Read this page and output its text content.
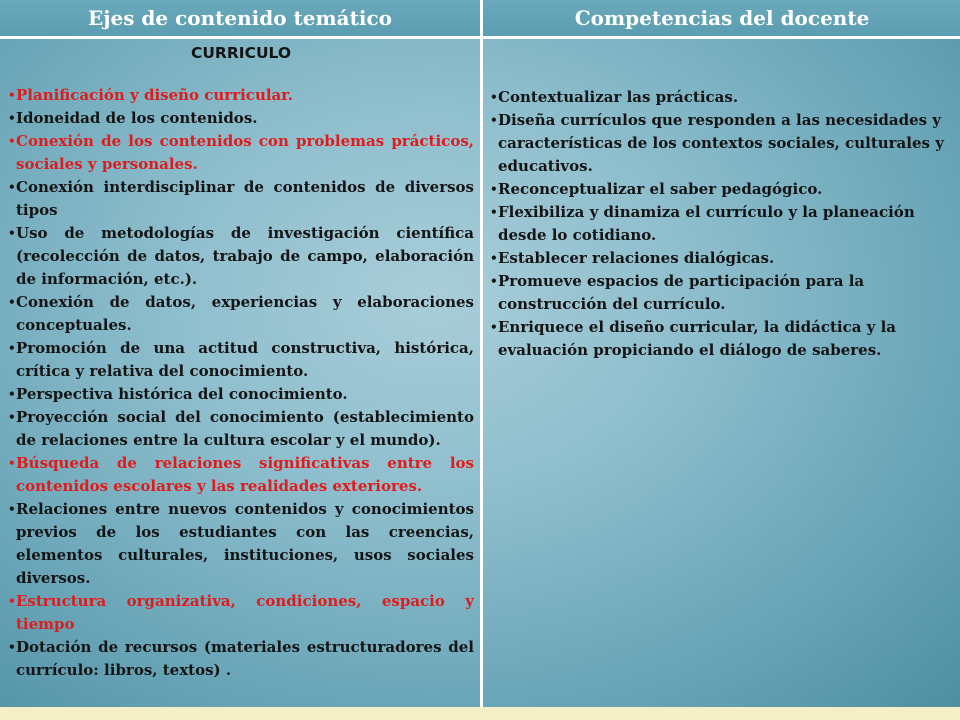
Ejes de contenido temático	Competencias del docente
CURRICULO
• Planificación y diseño curricular.
• Idoneidad de los contenidos.
• Conexión de los contenidos con problemas prácticos, sociales y personales.
• Conexión interdisciplinar de contenidos de diversos tipos
• Uso de metodologías de investigación científica (recolección de datos, trabajo de campo, elaboración de información, etc.).
• Conexión de datos, experiencias y elaboraciones conceptuales.
• Promoción de una actitud constructiva, histórica, crítica y relativa del conocimiento.
• Perspectiva histórica del conocimiento.
• Proyección social del conocimiento (establecimiento de relaciones entre la cultura escolar y el mundo).
• Búsqueda de relaciones significativas entre los contenidos escolares y las realidades exteriores.
• Relaciones entre nuevos contenidos y conocimientos previos de los estudiantes con las creencias, elementos culturales, instituciones, usos sociales diversos.
• Estructura organizativa, condiciones, espacio y tiempo
• Dotación de recursos (materiales estructuradores del currículo: libros, textos) .
• Contextualizar las prácticas.
• Diseña currículos que responden a las necesidades y características de los contextos sociales, culturales y educativos.
• Reconceptualizar el saber pedagógico.
• Flexibiliza y dinamiza el currículo y la planeación desde lo cotidiano.
• Establecer relaciones dialógicas.
• Promueve espacios de participación para la construcción del currículo.
• Enriquece el diseño curricular, la didáctica y la evaluación propiciando el diálogo de saberes.
